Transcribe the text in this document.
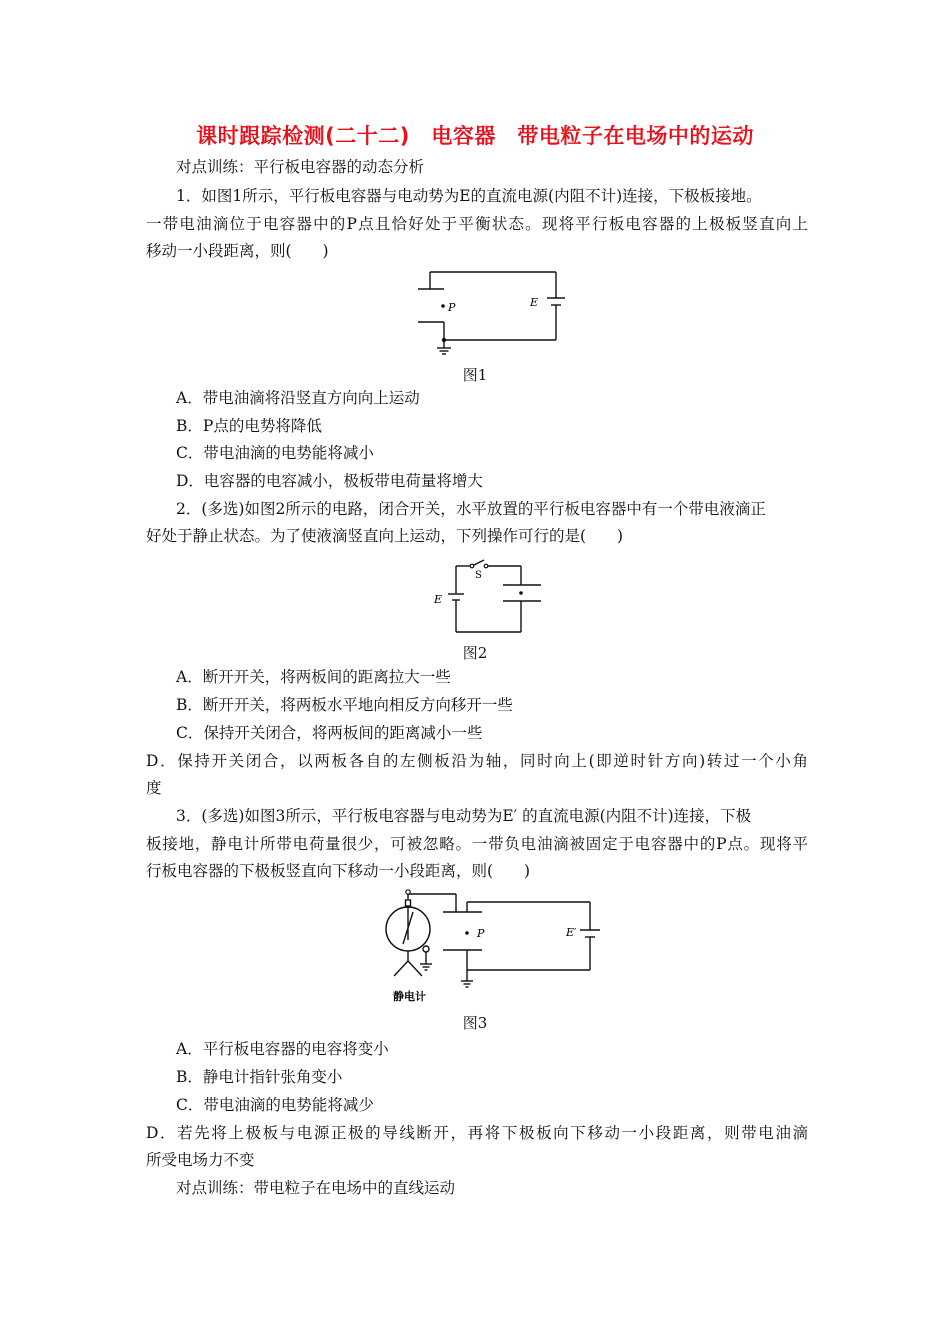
课时跟踪检测(二十二)　电容器　带电粒子在电场中的运动
对点训练：平行板电容器的动态分析
1．如图1所示，平行板电容器与电动势为E的直流电源(内阻不计)连接，下极板接地。
一带电油滴位于电容器中的P点且恰好处于平衡状态。现将平行板电容器的上极板竖直向上
移动一小段距离，则(　　)
P	E
图1
A．带电油滴将沿竖直方向向上运动
B．P点的电势将降低
C．带电油滴的电势能将减小
D．电容器的电容减小，极板带电荷量将增大
2．(多选)如图2所示的电路，闭合开关，水平放置的平行板电容器中有一个带电液滴正
好处于静止状态。为了使液滴竖直向上运动，下列操作可行的是(　　)
S
E
图2
A．断开开关，将两板间的距离拉大一些
B．断开开关，将两板水平地向相反方向移开一些
C．保持开关闭合，将两板间的距离减小一些
D．保持开关闭合，以两板各自的左侧板沿为轴，同时向上(即逆时针方向)转过一个小角
度
3．(多选)如图3所示，平行板电容器与电动势为E′ 的直流电源(内阻不计)连接，下极
板接地，静电计所带电荷量很少，可被忽略。一带负电油滴被固定于电容器中的P点。现将平
行板电容器的下极板竖直向下移动一小段距离，则(　　)
P	E′
静电计
图3
A．平行板电容器的电容将变小
B．静电计指针张角变小
C．带电油滴的电势能将减少
D．若先将上极板与电源正极的导线断开，再将下极板向下移动一小段距离，则带电油滴
所受电场力不变
对点训练：带电粒子在电场中的直线运动
